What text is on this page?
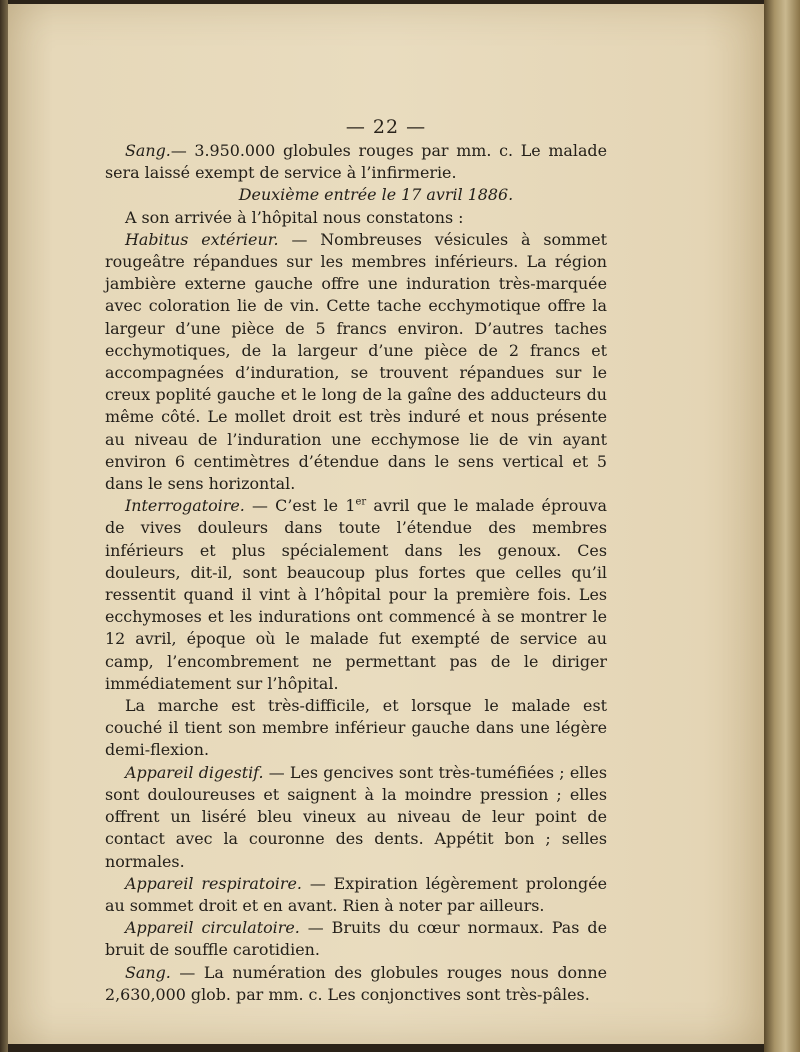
— 22 —

Sang.— 3.950.000 globules rouges par mm. c. Le malade sera laissé exempt de service à l’infirmerie.

Deuxième entrée le 17 avril 1886.

A son arrivée à l’hôpital nous constatons :

Habitus extérieur. — Nombreuses vésicules à sommet rougeâtre répandues sur les membres inférieurs. La région jambière externe gauche offre une induration très-marquée avec coloration lie de vin. Cette tache ecchymotique offre la largeur d’une pièce de 5 francs environ. D’autres taches ecchymotiques, de la largeur d’une pièce de 2 francs et accompagnées d’induration, se trouvent répandues sur le creux poplité gauche et le long de la gaîne des adducteurs du même côté. Le mollet droit est très induré et nous présente au niveau de l’induration une ecchymose lie de vin ayant environ 6 centimètres d’étendue dans le sens vertical et 5 dans le sens horizontal.

Interrogatoire. — C’est le 1er avril que le malade éprouva de vives douleurs dans toute l’étendue des membres inférieurs et plus spécialement dans les genoux. Ces douleurs, dit-il, sont beaucoup plus fortes que celles qu’il ressentit quand il vint à l’hôpital pour la première fois. Les ecchymoses et les indurations ont commencé à se montrer le 12 avril, époque où le malade fut exempté de service au camp, l’encombrement ne permettant pas de le diriger immédiatement sur l’hôpital.

La marche est très-difficile, et lorsque le malade est couché il tient son membre inférieur gauche dans une légère demi-flexion.

Appareil digestif. — Les gencives sont très-tuméfiées ; elles sont douloureuses et saignent à la moindre pression ; elles offrent un liséré bleu vineux au niveau de leur point de contact avec la couronne des dents. Appétit bon ; selles normales.

Appareil respiratoire. — Expiration légèrement prolongée au sommet droit et en avant. Rien à noter par ailleurs.

Appareil circulatoire. — Bruits du cœur normaux. Pas de bruit de souffle carotidien.

Sang. — La numération des globules rouges nous donne 2,630,000 glob. par mm. c. Les conjonctives sont très-pâles.
